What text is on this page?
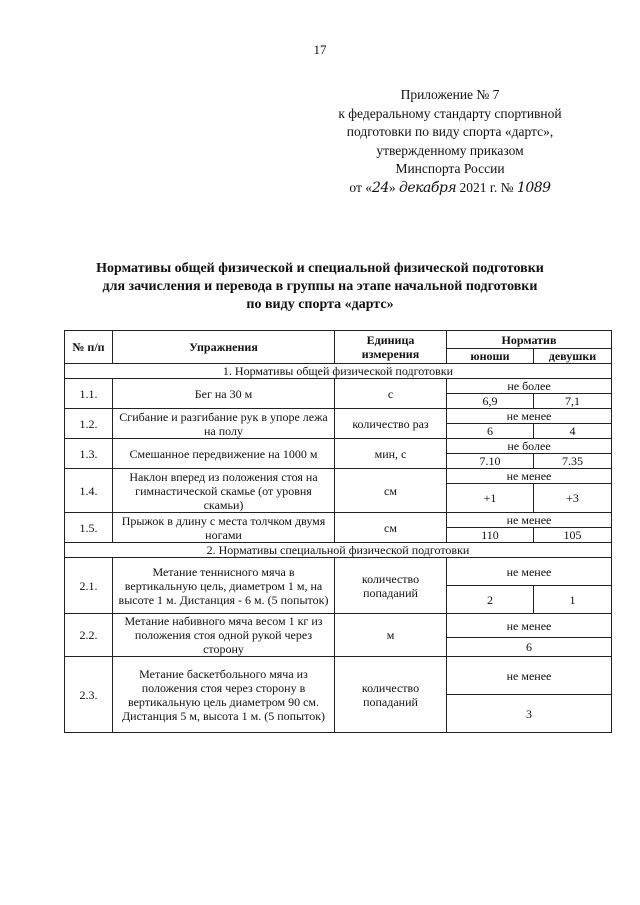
17
Приложение № 7
к федеральному стандарту спортивной
подготовки по виду спорта «дартс»,
утвержденному приказом
Минспорта России
от «24» декабря 2021 г. № 1089
Нормативы общей физической и специальной физической подготовки
для зачисления и перевода в группы на этапе начальной подготовки
по виду спорта «дартс»
№ п/п	Упражнения	Единица измерения	Норматив	
			юноши	девушки
1. Нормативы общей физической подготовки				
1.1.	Бег на 30 м	с	не более	
			6,9	7,1
1.2.	Сгибание и разгибание рук в упоре лежа на полу	количество раз	не менее	
			6	4
1.3.	Смешанное передвижение на 1000 м	мин, с	не более	
			7.10	7.35
1.4.	Наклон вперед из положения стоя на гимнастической скамье (от уровня скамьи)	см	не менее	
			+1	+3
1.5.	Прыжок в длину с места толчком двумя ногами	см	не менее	
			110	105
2. Нормативы специальной физической подготовки				
2.1.	Метание теннисного мяча в вертикальную цель, диаметром 1 м, на высоте 1 м. Дистанция - 6 м. (5 попыток)	количество попаданий	не менее	
			2	1
2.2.	Метание набивного мяча весом 1 кг из положения стоя одной рукой через сторону	м	не менее	
			6	
2.3.	Метание баскетбольного мяча из положения стоя через сторону в вертикальную цель диаметром 90 см. Дистанция 5 м, высота 1 м. (5 попыток)	количество попаданий	не менее	
			3	
